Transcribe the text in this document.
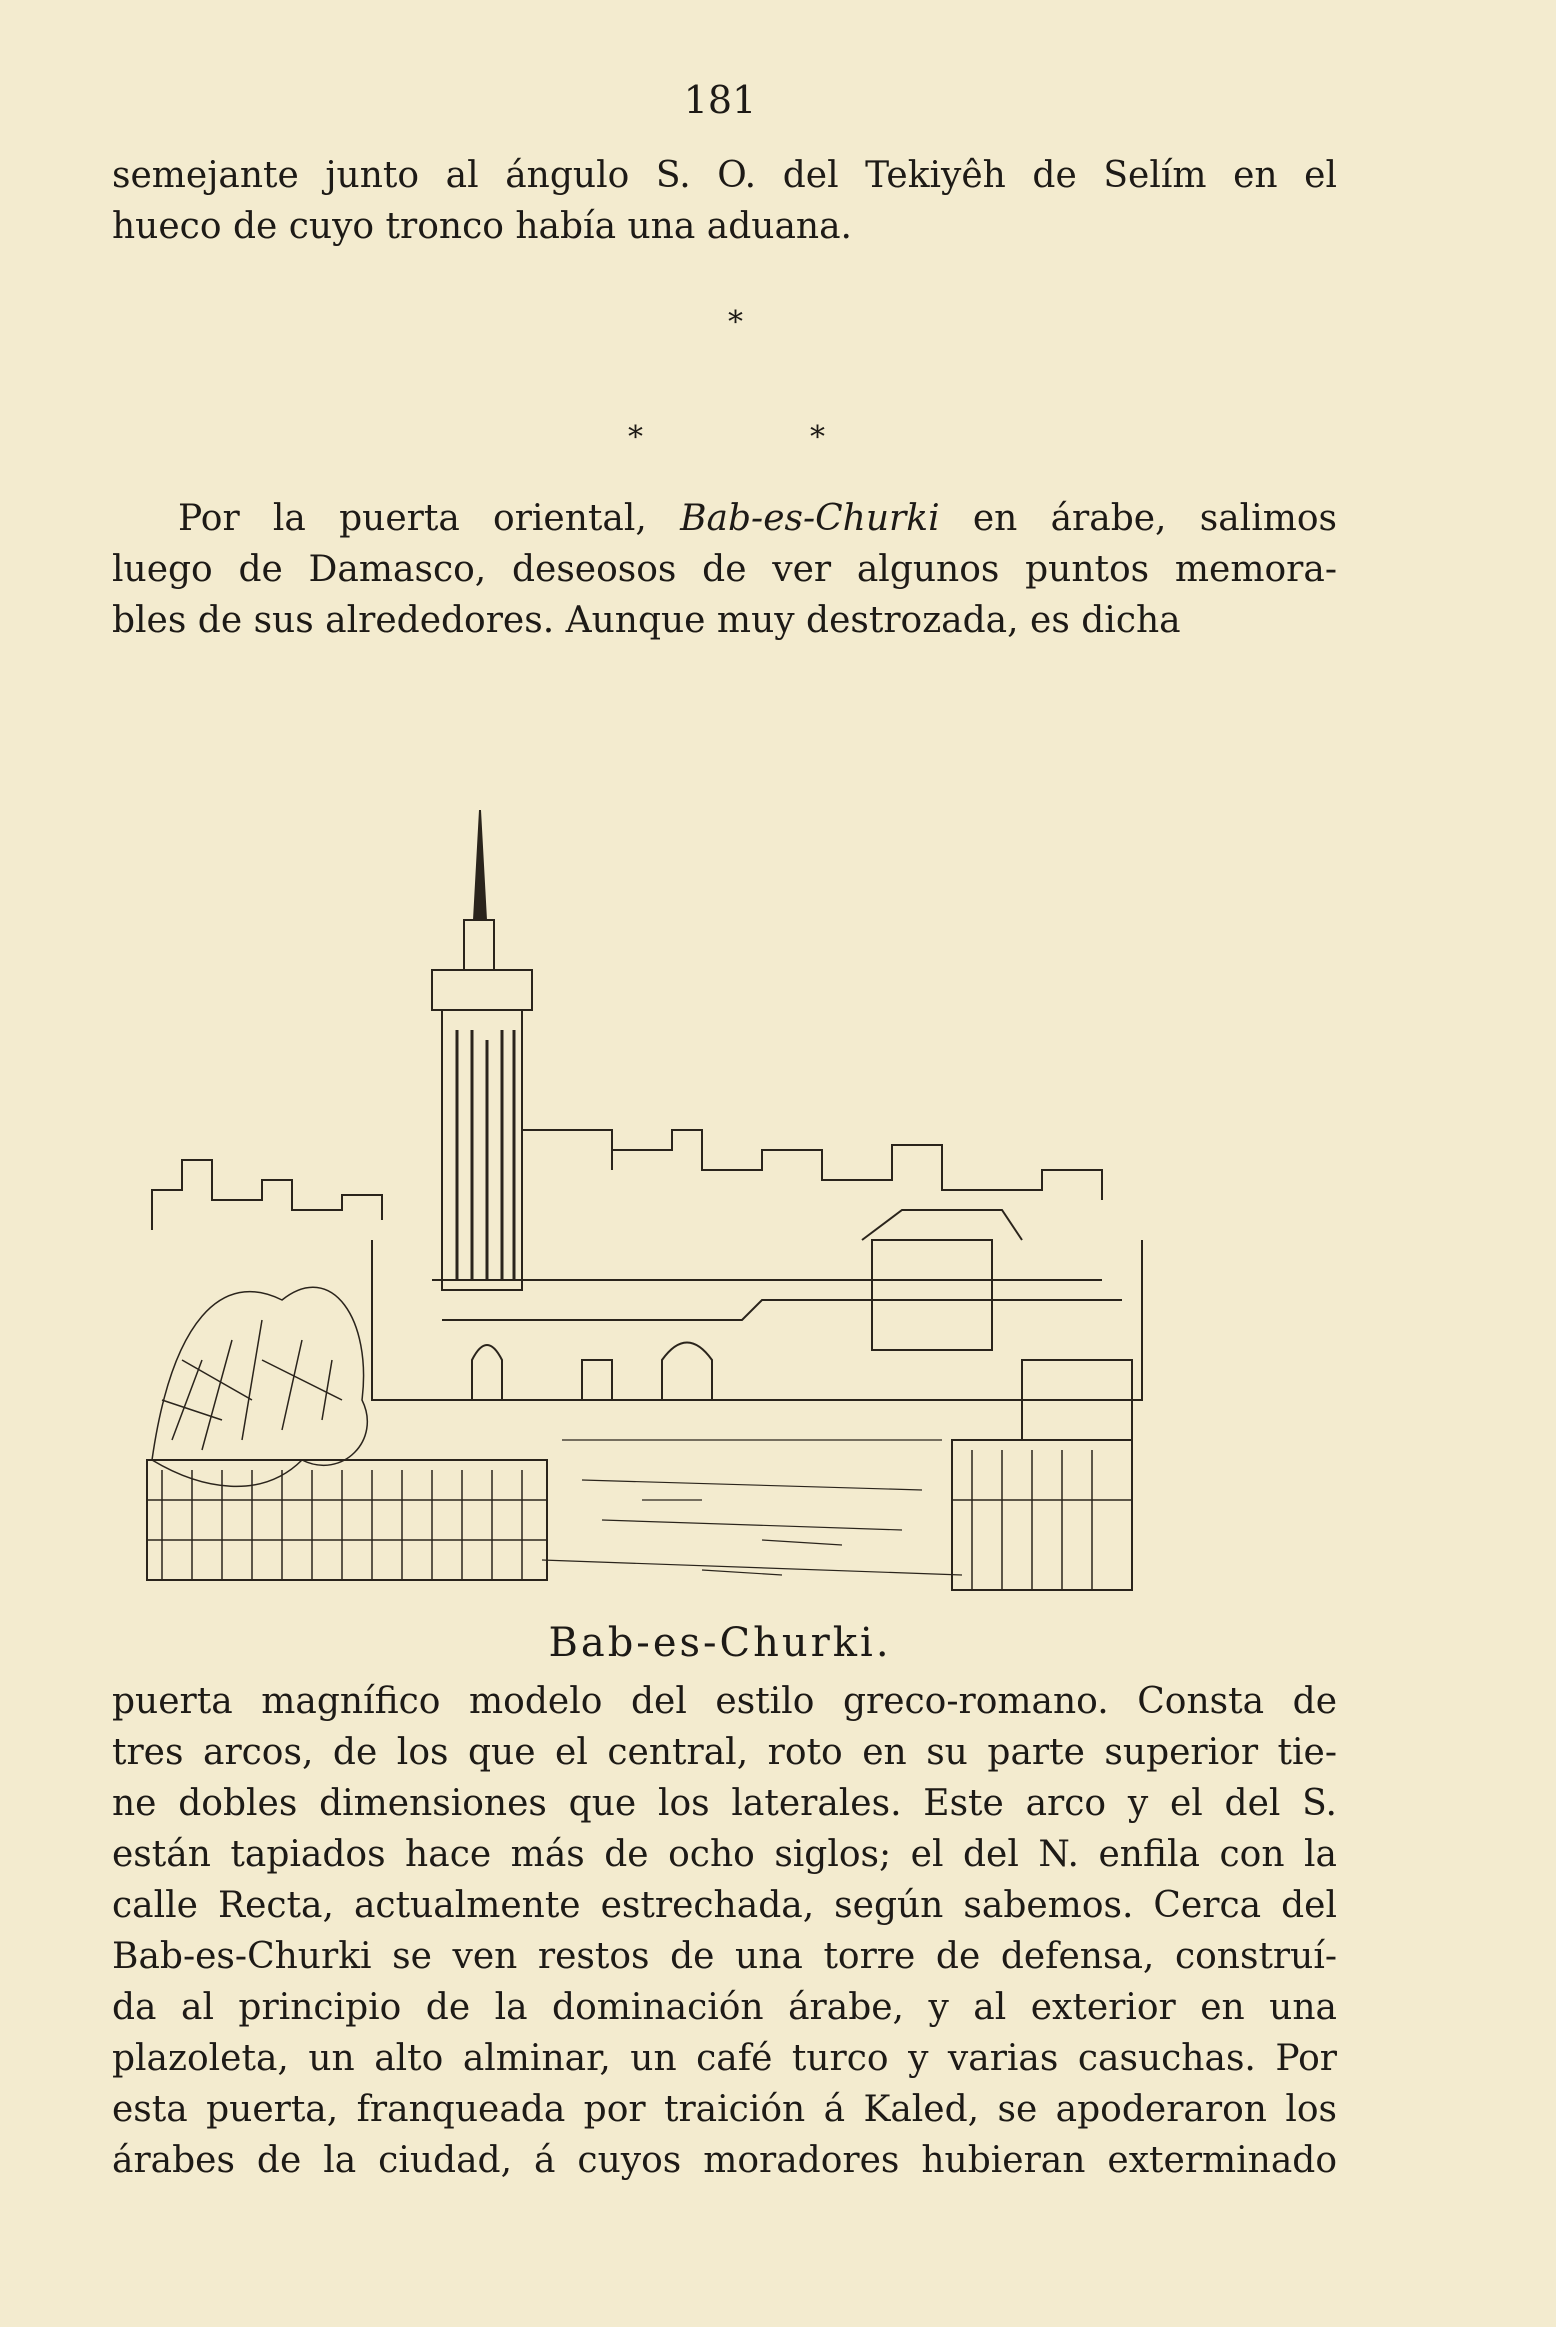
181
semejante junto al ángulo S. O. del Tekiyêh de Selím en el
hueco de cuyo tronco había una aduana.
*
*	*
Por la puerta oriental, Bab-es-Churki en árabe, salimos
luego de Damasco, deseosos de ver algunos puntos memora-
bles de sus alrededores. Aunque muy destrozada, es dicha
Bab-es-Churki.
puerta magnífico modelo del estilo greco-romano. Consta de
tres arcos, de los que el central, roto en su parte superior tie-
ne dobles dimensiones que los laterales. Este arco y el del S.
están tapiados hace más de ocho siglos; el del N. enfila con la
calle Recta, actualmente estrechada, según sabemos. Cerca del
Bab-es-Churki se ven restos de una torre de defensa, construí-
da al principio de la dominación árabe, y al exterior en una
plazoleta, un alto alminar, un café turco y varias casuchas. Por
esta puerta, franqueada por traición á Kaled, se apoderaron los
árabes de la ciudad, á cuyos moradores hubieran exterminado
